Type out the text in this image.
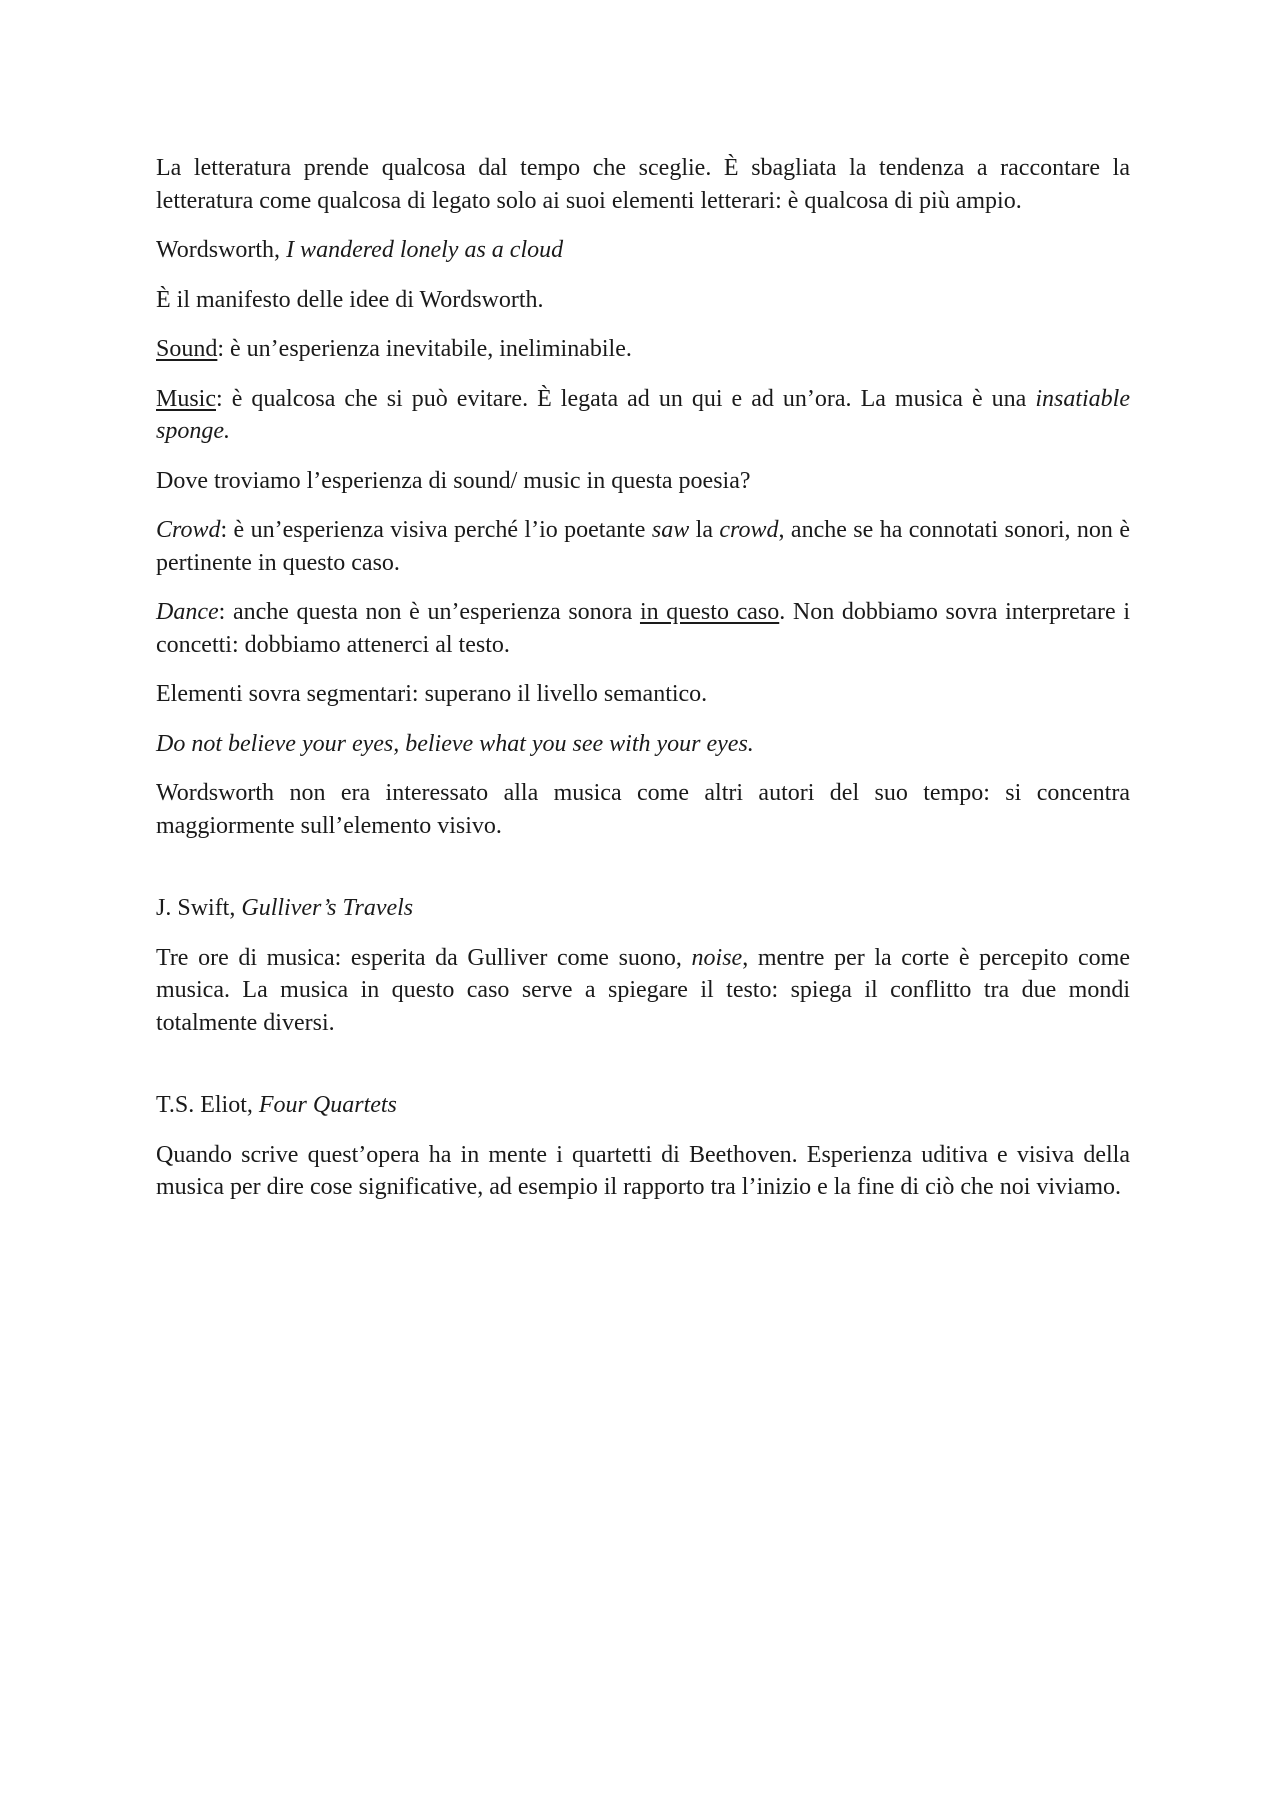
La letteratura prende qualcosa dal tempo che sceglie. È sbagliata la tendenza a raccontare la letteratura come qualcosa di legato solo ai suoi elementi letterari: è qualcosa di più ampio.

Wordsworth, I wandered lonely as a cloud

È il manifesto delle idee di Wordsworth.

Sound: è un’esperienza inevitabile, ineliminabile.

Music: è qualcosa che si può evitare. È legata ad un qui e ad un’ora. La musica è una insatiable sponge.

Dove troviamo l’esperienza di sound/ music in questa poesia?

Crowd: è un’esperienza visiva perché l’io poetante saw la crowd, anche se ha connotati sonori, non è pertinente in questo caso.

Dance: anche questa non è un’esperienza sonora in questo caso. Non dobbiamo sovra interpretare i concetti: dobbiamo attenerci al testo.

Elementi sovra segmentari: superano il livello semantico.

Do not believe your eyes, believe what you see with your eyes.

Wordsworth non era interessato alla musica come altri autori del suo tempo: si concentra maggiormente sull’elemento visivo.

J. Swift, Gulliver’s Travels

Tre ore di musica: esperita da Gulliver come suono, noise, mentre per la corte è percepito come musica. La musica in questo caso serve a spiegare il testo: spiega il conflitto tra due mondi totalmente diversi.

T.S. Eliot, Four Quartets

Quando scrive quest’opera ha in mente i quartetti di Beethoven. Esperienza uditiva e visiva della musica per dire cose significative, ad esempio il rapporto tra l’inizio e la fine di ciò che noi viviamo.
